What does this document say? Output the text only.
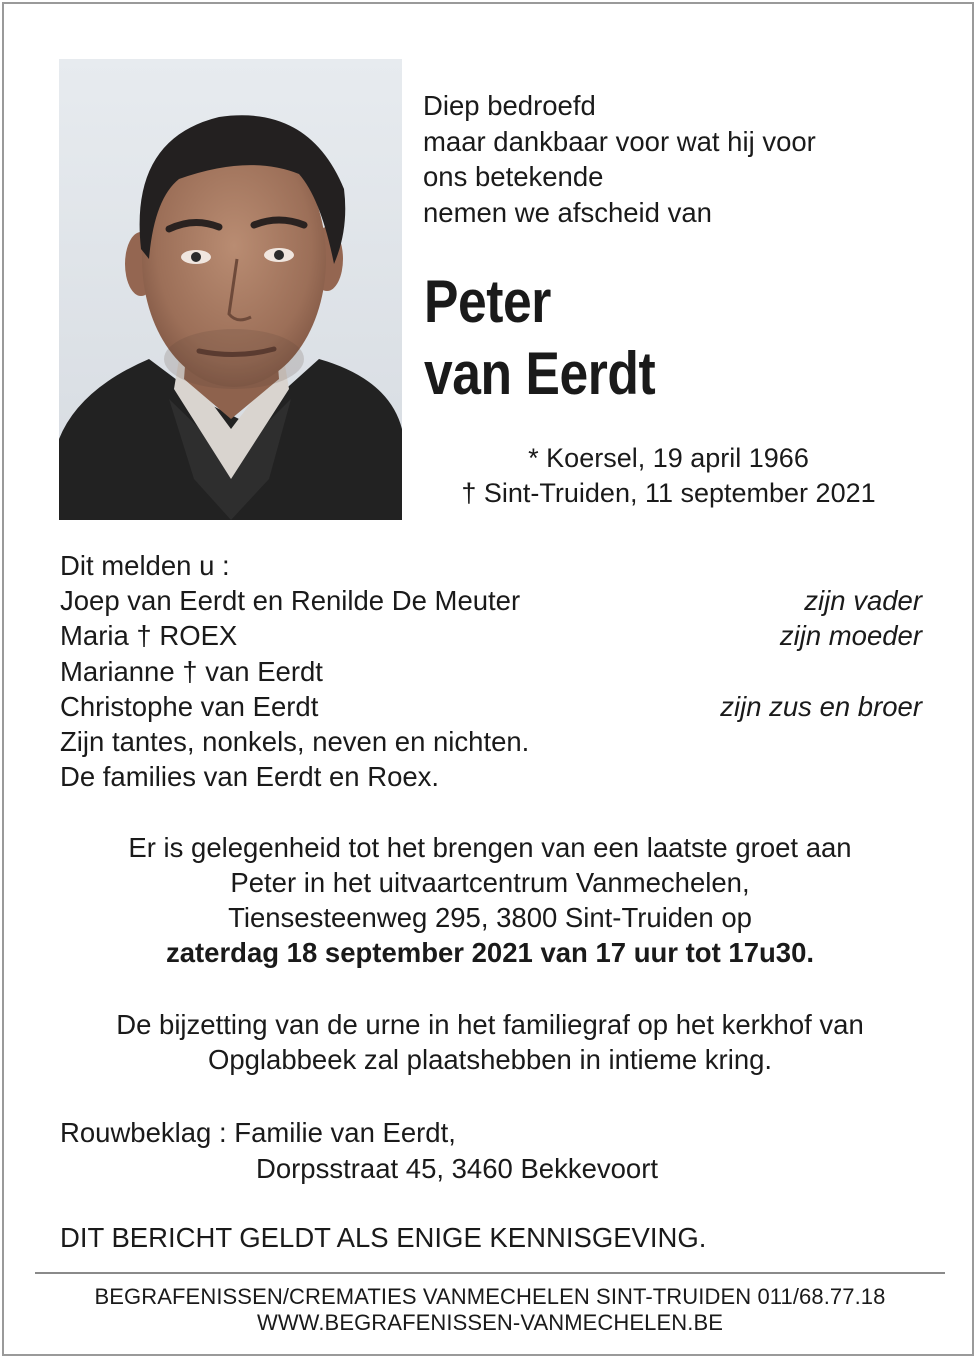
Diep bedroefd
maar dankbaar voor wat hij voor
ons betekende
nemen we afscheid van
Peter
van Eerdt
* Koersel, 19 april 1966
† Sint-Truiden, 11 september 2021
Dit melden u :
Joep van Eerdt en Renilde De Meuter	zijn vader
Maria † ROEX	zijn moeder
Marianne † van Eerdt
Christophe van Eerdt	zijn zus en broer
Zijn tantes, nonkels, neven en nichten.
De families van Eerdt en Roex.
Er is gelegenheid tot het brengen van een laatste groet aan
Peter in het uitvaartcentrum Vanmechelen,
Tiensesteenweg 295, 3800 Sint-Truiden op
zaterdag 18 september 2021 van 17 uur tot 17u30.
De bijzetting van de urne in het familiegraf op het kerkhof van
Opglabbeek zal plaatshebben in intieme kring.
Rouwbeklag : Familie van Eerdt,
Dorpsstraat 45, 3460 Bekkevoort
DIT BERICHT GELDT ALS ENIGE KENNISGEVING.
BEGRAFENISSEN/CREMATIES VANMECHELEN SINT-TRUIDEN 011/68.77.18
WWW.BEGRAFENISSEN-VANMECHELEN.BE
